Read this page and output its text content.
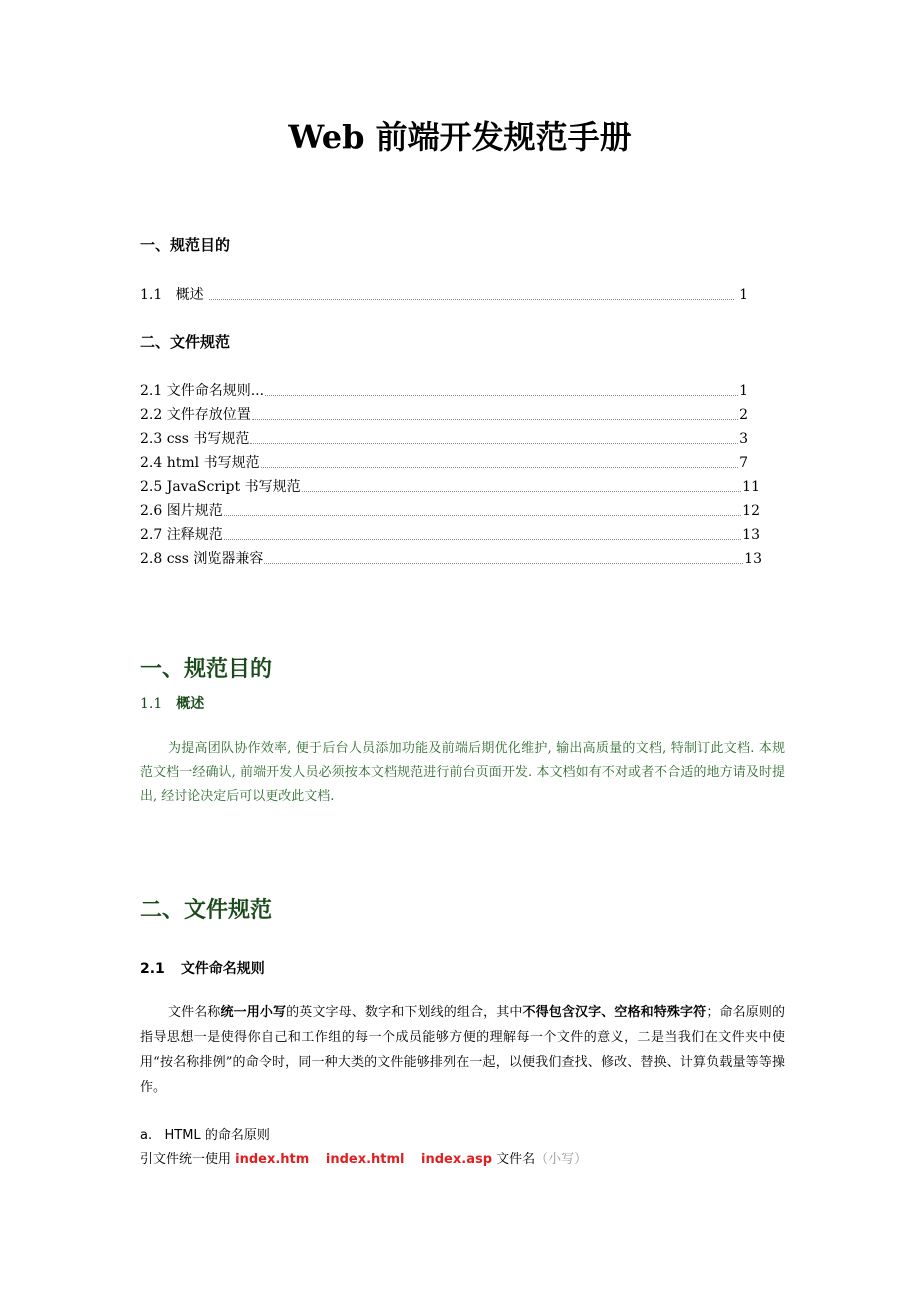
Web 前端开发规范手册
一、规范目的
1.1 概述	1
二、文件规范
2.1 文件命名规则...	1
2.2 文件存放位置	2
2.3 css 书写规范	3
2.4 html 书写规范	7
2.5 JavaScript 书写规范	11
2.6 图片规范	12
2.7 注释规范	13
2.8 css 浏览器兼容	13
一、规范目的
1.1 概述
为提高团队协作效率, 便于后台人员添加功能及前端后期优化维护, 输出高质量的文档, 特制订此文档. 本规范文档一经确认, 前端开发人员必须按本文档规范进行前台页面开发. 本文档如有不对或者不合适的地方请及时提出, 经讨论决定后可以更改此文档.
二、文件规范
2.1 文件命名规则
文件名称统一用小写的英文字母、数字和下划线的组合，其中不得包含汉字、空格和特殊字符；命名原则的指导思想一是使得你自己和工作组的每一个成员能够方便的理解每一个文件的意义，二是当我们在文件夹中使用“按名称排例”的命令时，同一种大类的文件能够排列在一起，以便我们查找、修改、替换、计算负载量等等操作。
a.   HTML 的命名原则
引文件统一使用 index.htm index.html index.asp 文件名（小写）
